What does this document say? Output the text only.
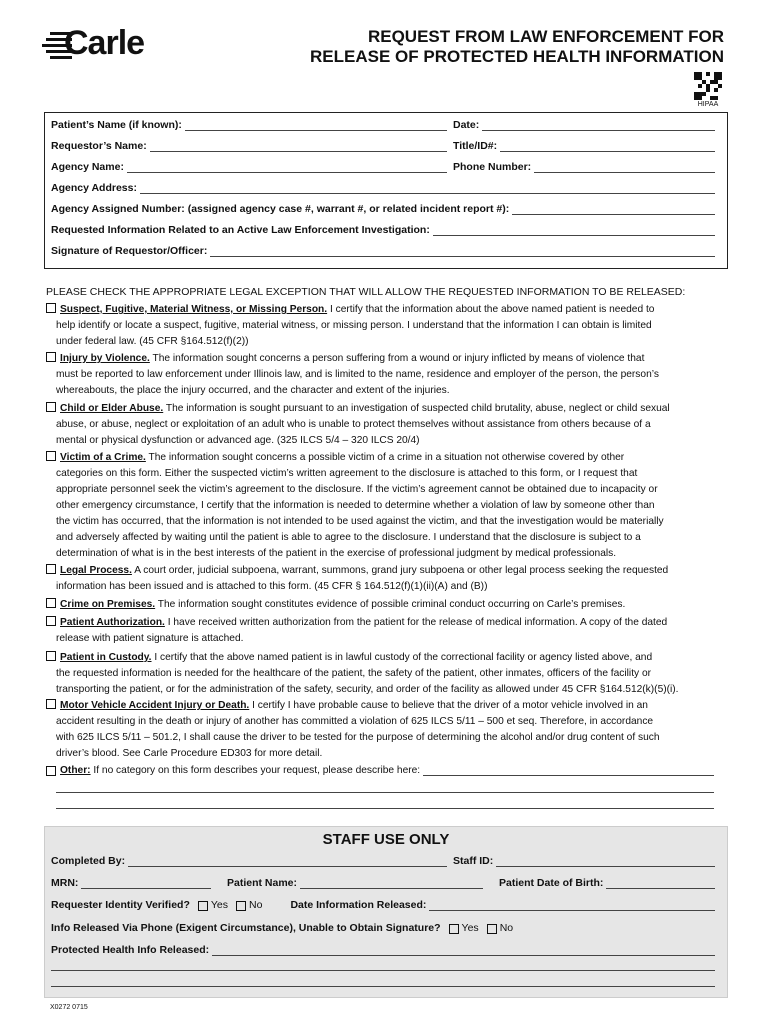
Carle	REQUEST FROM LAW ENFORCEMENT FOR
RELEASE OF PROTECTED HEALTH INFORMATION
HIPAA
Patient’s Name (if known):	Date:
Requestor’s Name:	Title/ID#:
Agency Name:	Phone Number:
Agency Address:
Agency Assigned Number: (assigned agency case #, warrant #, or related incident report #):
Requested Information Related to an Active Law Enforcement Investigation:
Signature of Requestor/Officer:
PLEASE CHECK THE APPROPRIATE LEGAL EXCEPTION THAT WILL ALLOW THE REQUESTED INFORMATION TO BE RELEASED:
Suspect, Fugitive, Material Witness, or Missing Person. I certify that the information about the above named patient is needed to
help identify or locate a suspect, fugitive, material witness, or missing person. I understand that the information I can obtain is limited
under federal law. (45 CFR §164.512(f)(2))
Injury by Violence. The information sought concerns a person suffering from a wound or injury inflicted by means of violence that
must be reported to law enforcement under Illinois law, and is limited to the name, residence and employer of the person, the person’s
whereabouts, the place the injury occurred, and the character and extent of the injuries.
Child or Elder Abuse. The information is sought pursuant to an investigation of suspected child brutality, abuse, neglect or child sexual
abuse, or abuse, neglect or exploitation of an adult who is unable to protect themselves without assistance from others because of a
mental or physical dysfunction or advanced age. (325 ILCS 5/4 – 320 ILCS 20/4)
Victim of a Crime. The information sought concerns a possible victim of a crime in a situation not otherwise covered by other
categories on this form. Either the suspected victim’s written agreement to the disclosure is attached to this form, or I request that
appropriate personnel seek the victim’s agreement to the disclosure. If the victim’s agreement cannot be obtained due to incapacity or
other emergency circumstance, I certify that the information is needed to determine whether a violation of law by someone other than
the victim has occurred, that the information is not intended to be used against the victim, and that the investigation would be materially
and adversely affected by waiting until the patient is able to agree to the disclosure. I understand that the disclosure is subject to a
determination of what is in the best interests of the patient in the exercise of professional judgment by medical professionals.
Legal Process. A court order, judicial subpoena, warrant, summons, grand jury subpoena or other legal process seeking the requested
information has been issued and is attached to this form. (45 CFR § 164.512(f)(1)(ii)(A) and (B))
Crime on Premises. The information sought constitutes evidence of possible criminal conduct occurring on Carle’s premises.
Patient Authorization. I have received written authorization from the patient for the release of medical information. A copy of the dated
release with patient signature is attached.
Patient in Custody. I certify that the above named patient is in lawful custody of the correctional facility or agency listed above, and
the requested information is needed for the healthcare of the patient, the safety of the patient, other inmates, officers of the facility or
transporting the patient, or for the administration of the safety, security, and order of the facility as allowed under 45 CFR §164.512(k)(5)(i).
Motor Vehicle Accident Injury or Death. I certify I have probable cause to believe that the driver of a motor vehicle involved in an
accident resulting in the death or injury of another has committed a violation of 625 ILCS 5/11 – 500 et seq. Therefore, in accordance
with 625 ILCS 5/11 – 501.2, I shall cause the driver to be tested for the purpose of determining the alcohol and/or drug content of such
driver’s blood. See Carle Procedure ED303 for more detail.
Other:
If no category on this form describes your request, please describe here:
STAFF USE ONLY
Completed By:	Staff ID:
MRN:	Patient Name:	Patient Date of Birth:
Requester Identity Verified? Yes No	Date Information Released:
Info Released Via Phone (Exigent Circumstance), Unable to Obtain Signature? Yes No
Protected Health Info Released:
X0272 0715
